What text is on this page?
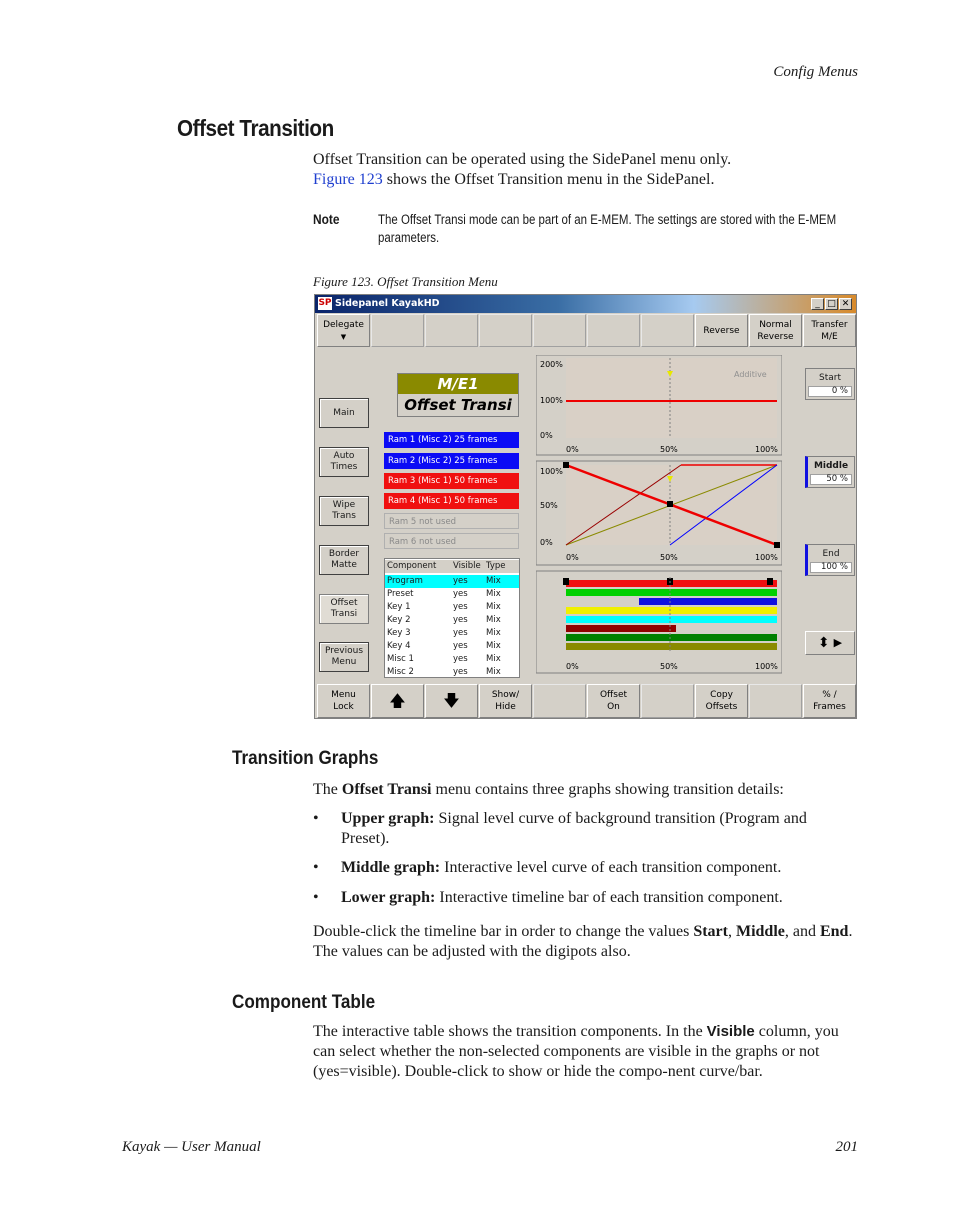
Config Menus
Offset Transition
Offset Transition can be operated using the SidePanel menu only.
Figure 123 shows the Offset Transition menu in the SidePanel.
Note	The Offset Transi mode can be part of an E-MEM. The settings are stored with the E-MEM parameters.
Figure 123. Offset Transition Menu
SP Sidepanel KayakHD	_ □ ✕
Delegate
▼
Reverse
Normal Reverse
Transfer M/E
Main
Auto Times
Wipe Trans
Border Matte
Offset Transi
Previous Menu
M/E1
Offset Transi
Ram 1 (Misc 2) 25 frames
Ram 2 (Misc 2) 25 frames
Ram 3 (Misc 1) 50 frames
Ram 4 (Misc 1) 50 frames
Ram 5 not used
Ram 6 not used
Component Visible Type
Program	yes Mix
Preset	yes Mix
Key 1	yes Mix
Key 2	yes Mix
Key 3	yes Mix
Key 4	yes Mix
Misc 1	yes Mix
Misc 2	yes Mix
200%
100%
0%
Additive
0%	50%	100%
100%
50%
0%
0%	50%	100%
0%	50%	100%
Start
0 %
Middle
50 %
End
100 %
⬍ ▶
Menu Lock 🡅 🡇	Show/ Hide
Offset On
Copy Offsets
% / Frames
Transition Graphs
The Offset Transi menu contains three graphs showing transition details:
• Upper graph: Signal level curve of background transition (Program and Preset).
• Middle graph: Interactive level curve of each transition component.
• Lower graph: Interactive timeline bar of each transition component.
Double-click the timeline bar in order to change the values Start, Middle, and End. The values can be adjusted with the digipots also.
Component Table
The interactive table shows the transition components. In the Visible column, you can select whether the non-selected components are visible in the graphs or not (yes=visible). Double-click to show or hide the compo-nent curve/bar.
Kayak — User Manual	201
